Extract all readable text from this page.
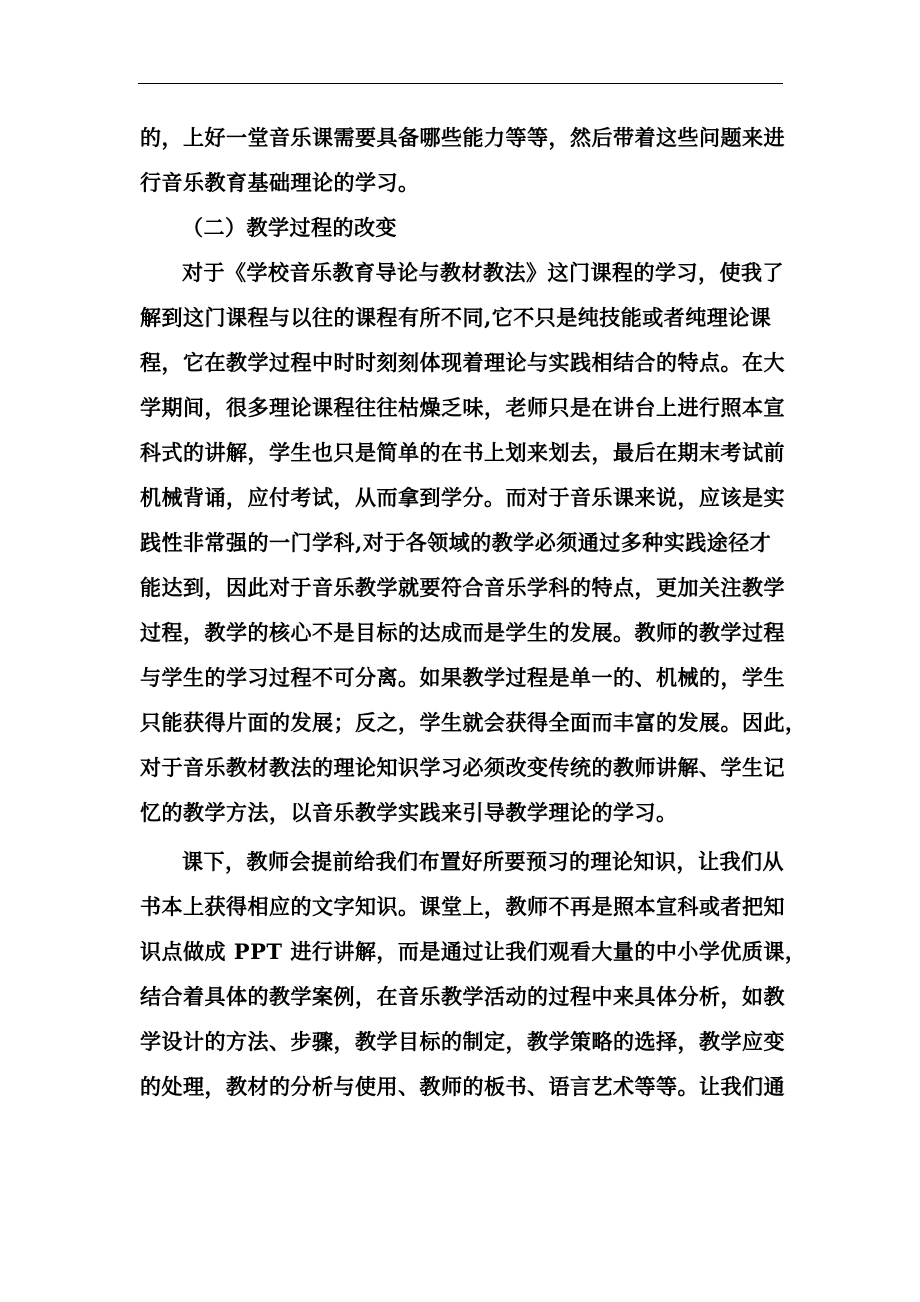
的，上好一堂音乐课需要具备哪些能力等等，然后带着这些问题来进
行音乐教育基础理论的学习。
（二）教学过程的改变
对于《学校音乐教育导论与教材教法》这门课程的学习，使我了
解到这门课程与以往的课程有所不同,它不只是纯技能或者纯理论课
程，它在教学过程中时时刻刻体现着理论与实践相结合的特点。在大
学期间，很多理论课程往往枯燥乏味，老师只是在讲台上进行照本宣
科式的讲解，学生也只是简单的在书上划来划去，最后在期末考试前
机械背诵，应付考试，从而拿到学分。而对于音乐课来说，应该是实
践性非常强的一门学科,对于各领域的教学必须通过多种实践途径才
能达到，因此对于音乐教学就要符合音乐学科的特点，更加关注教学
过程，教学的核心不是目标的达成而是学生的发展。教师的教学过程
与学生的学习过程不可分离。如果教学过程是单一的、机械的，学生
只能获得片面的发展；反之，学生就会获得全面而丰富的发展。因此，
对于音乐教材教法的理论知识学习必须改变传统的教师讲解、学生记
忆的教学方法，以音乐教学实践来引导教学理论的学习。
课下，教师会提前给我们布置好所要预习的理论知识，让我们从
书本上获得相应的文字知识。课堂上，教师不再是照本宣科或者把知
识点做成 PPT 进行讲解，而是通过让我们观看大量的中小学优质课，
结合着具体的教学案例，在音乐教学活动的过程中来具体分析，如教
学设计的方法、步骤，教学目标的制定，教学策略的选择，教学应变
的处理，教材的分析与使用、教师的板书、语言艺术等等。让我们通
